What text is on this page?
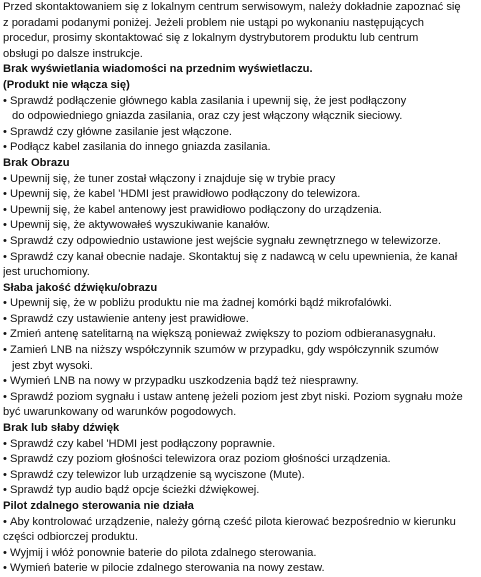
Przed skontaktowaniem się z lokalnym centrum serwisowym, należy dokładnie zapoznać się
z poradami podanymi poniżej. Jeżeli problem nie ustąpi po wykonaniu następujących
procedur, prosimy skontaktować się z lokalnym dystrybutorem produktu lub centrum
obsługi po dalsze instrukcje.
Brak wyświetlania wiadomości na przednim wyświetlaczu.
(Produkt nie włącza się)
• Sprawdź podłączenie głównego kabla zasilania i upewnij się, że jest podłączony
do odpowiedniego gniazda zasilania, oraz czy jest włączony włącznik sieciowy.
• Sprawdź czy główne zasilanie jest włączone.
• Podłącz kabel zasilania do innego gniazda zasilania.
Brak Obrazu
• Upewnij się, że tuner został włączony i znajduje się w trybie pracy
• Upewnij się, że kabel 'HDMI jest prawidłowo podłączony do telewizora.
• Upewnij się, że kabel antenowy jest prawidłowo podłączony do urządzenia.
• Upewnij się, że aktywowałeś wyszukiwanie kanałów.
• Sprawdź czy odpowiednio ustawione jest wejście sygnału zewnętrznego w telewizorze.
• Sprawdź czy kanał obecnie nadaje. Skontaktuj się z nadawcą w celu upewnienia, że kanał
jest uruchomiony.
Słaba jakość dźwięku/obrazu
• Upewnij się, że w pobliżu produktu nie ma żadnej komórki bądź mikrofalówki.
• Sprawdź czy ustawienie anteny jest prawidłowe.
• Zmień antenę satelitarną na większą ponieważ zwiększy to poziom odbieranasygnału.
• Zamień LNB na niższy współczynnik szumów w przypadku, gdy współczynnik szumów
jest zbyt wysoki.
• Wymień LNB na nowy w przypadku uszkodzenia bądź też niesprawny.
• Sprawdź poziom sygnału i ustaw antenę jeżeli poziom jest zbyt niski. Poziom sygnału może
być uwarunkowany od warunków pogodowych.
Brak lub słaby dźwięk
• Sprawdź czy kabel 'HDMI jest podłączony poprawnie.
• Sprawdź czy poziom głośności telewizora oraz poziom głośności urządzenia.
• Sprawdź czy telewizor lub urządzenie są wyciszone (Mute).
• Sprawdź typ audio bądź opcje ścieżki dźwiękowej.
Pilot zdalnego sterowania nie działa
• Aby kontrolować urządzenie, należy górną cześć pilota kierować bezpośrednio w kierunku
części odbiorczej produktu.
• Wyjmij i włóż ponownie baterie do pilota zdalnego sterowania.
• Wymień baterie w pilocie zdalnego sterowania na nowy zestaw.
